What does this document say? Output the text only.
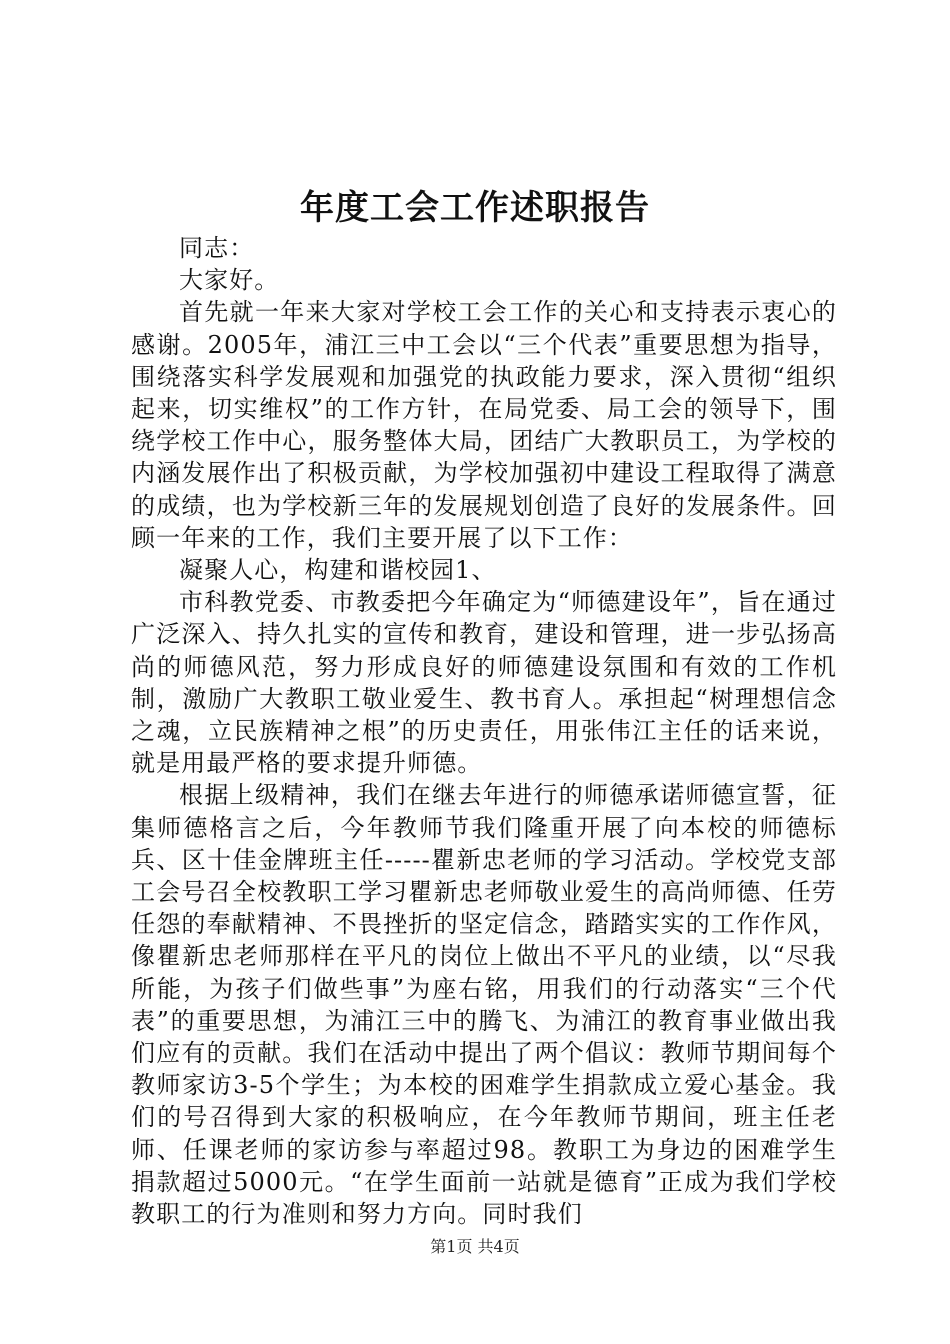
年度工会工作述职报告

同志：

大家好。

首先就一年来大家对学校工会工作的关心和支持表示衷心的感谢。2005年，浦江三中工会以“三个代表”重要思想为指导，围绕落实科学发展观和加强党的执政能力要求，深入贯彻“组织起来，切实维权”的工作方针，在局党委、局工会的领导下，围绕学校工作中心，服务整体大局，团结广大教职员工，为学校的内涵发展作出了积极贡献，为学校加强初中建设工程取得了满意的成绩，也为学校新三年的发展规划创造了良好的发展条件。回顾一年来的工作，我们主要开展了以下工作：

凝聚人心，构建和谐校园1、

市科教党委、市教委把今年确定为“师德建设年”，旨在通过广泛深入、持久扎实的宣传和教育，建设和管理，进一步弘扬高尚的师德风范，努力形成良好的师德建设氛围和有效的工作机制，激励广大教职工敬业爱生、教书育人。承担起“树理想信念之魂，立民族精神之根”的历史责任，用张伟江主任的话来说，就是用最严格的要求提升师德。

根据上级精神，我们在继去年进行的师德承诺师德宣誓，征集师德格言之后，今年教师节我们隆重开展了向本校的师德标兵、区十佳金牌班主任-----瞿新忠老师的学习活动。学校党支部工会号召全校教职工学习瞿新忠老师敬业爱生的高尚师德、任劳任怨的奉献精神、不畏挫折的坚定信念，踏踏实实的工作作风，像瞿新忠老师那样在平凡的岗位上做出不平凡的业绩，以“尽我所能，为孩子们做些事”为座右铭，用我们的行动落实“三个代表”的重要思想，为浦江三中的腾飞、为浦江的教育事业做出我们应有的贡献。我们在活动中提出了两个倡议：教师节期间每个教师家访3-5个学生；为本校的困难学生捐款成立爱心基金。我们的号召得到大家的积极响应，在今年教师节期间，班主任老师、任课老师的家访参与率超过98。教职工为身边的困难学生捐款超过5000元。“在学生面前一站就是德育”正成为我们学校教职工的行为准则和努力方向。同时我们

第1页 共4页
